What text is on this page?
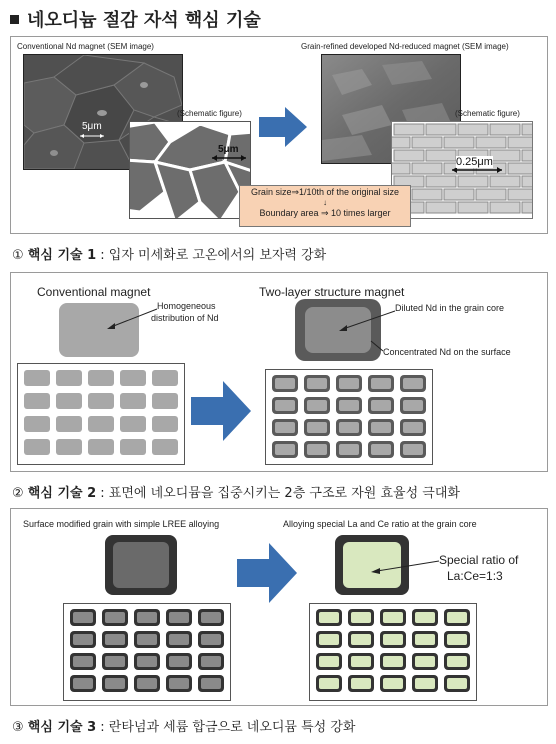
네오디늄 절감 자석 핵심 기술
Conventional Nd magnet (SEM image)	Grain-refined developed Nd-reduced magnet (SEM image)
5μm
(Schematic figure)
5μm
(Schematic figure)
0.25μm
Grain size⇒1/10th of the original size
↓
Boundary area ⇒ 10 times larger
① 핵심 기술 1 : 입자 미세화로 고온에서의 보자력 강화
Conventional magnet	Two-layer structure magnet
Homogeneous
distribution of Nd
Diluted Nd in the grain core
Concentrated Nd on the surface
② 핵심 기술 2 : 표면에 네오디뮴을 집중시키는 2층 구조로 자원 효율성 극대화
Surface modified grain with simple LREE alloying	Alloying special La and Ce ratio at the grain core
Special ratio of
La:Ce=1:3
③ 핵심 기술 3 : 란타넘과 세륨 합금으로 네오디뮴 특성 강화
